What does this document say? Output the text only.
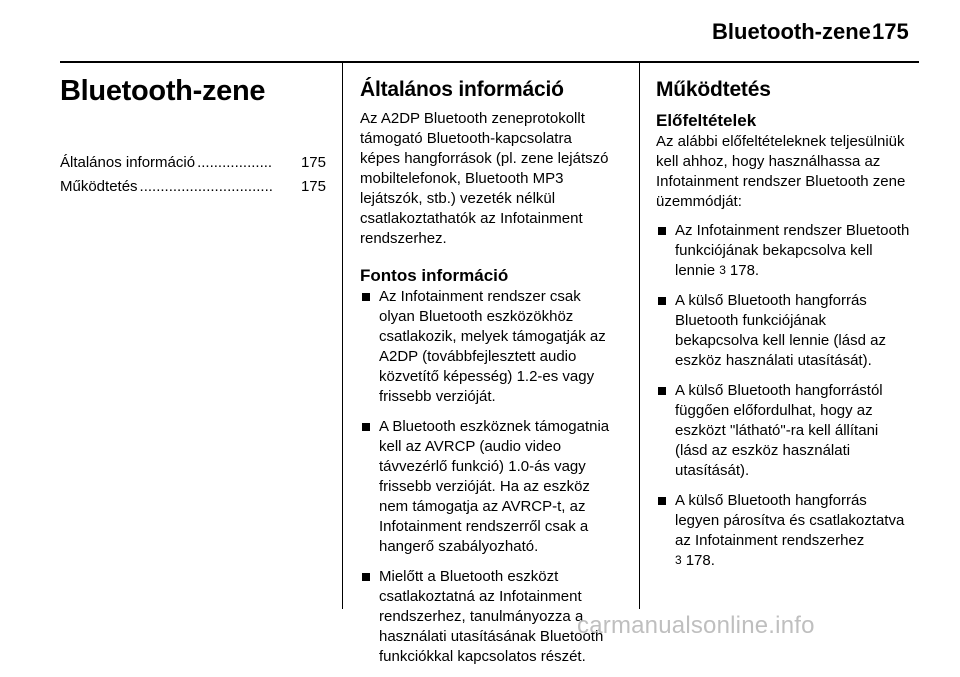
Bluetooth-zene 175
Bluetooth-zene
Általános információ ..................	175
Működtetés ................................	175
Általános információ

Az A2DP Bluetooth zeneprotokollt
támogató Bluetooth-kapcsolatra
képes hangforrások (pl. zene lejátszó
mobiltelefonok, Bluetooth MP3
lejátszók, stb.) vezeték nélkül
csatlakoztathatók az Infotainment
rendszerhez.

Fontos információ
Az Infotainment rendszer csak
olyan Bluetooth eszközökhöz
csatlakozik, melyek támogatják az
A2DP (továbbfejlesztett audio
közvetítő képesség) 1.2-es vagy
frissebb verzióját.
A Bluetooth eszköznek támogatnia
kell az AVRCP (audio video
távvezérlő funkció) 1.0-ás vagy
frissebb verzióját. Ha az eszköz
nem támogatja az AVRCP-t, az
Infotainment rendszerről csak a
hangerő szabályozható.
Mielőtt a Bluetooth eszközt
csatlakoztatná az Infotainment
rendszerhez, tanulmányozza a
használati utasításának Bluetooth
funkciókkal kapcsolatos részét.
Működtetés
Előfeltételek

Az alábbi előfeltételeknek teljesülniük
kell ahhoz, hogy használhassa az
Infotainment rendszer Bluetooth zene
üzemmódját:

Az Infotainment rendszer Bluetooth
funkciójának bekapcsolva kell
lennie 3 178.
A külső Bluetooth hangforrás
Bluetooth funkciójának
bekapcsolva kell lennie (lásd az
eszköz használati utasítását).
A külső Bluetooth hangforrástól
függően előfordulhat, hogy az
eszközt "látható"-ra kell állítani
(lásd az eszköz használati
utasítását).
A külső Bluetooth hangforrás
legyen párosítva és csatlakoztatva
az Infotainment rendszerhez
3 178.
carmanualsonline.info
